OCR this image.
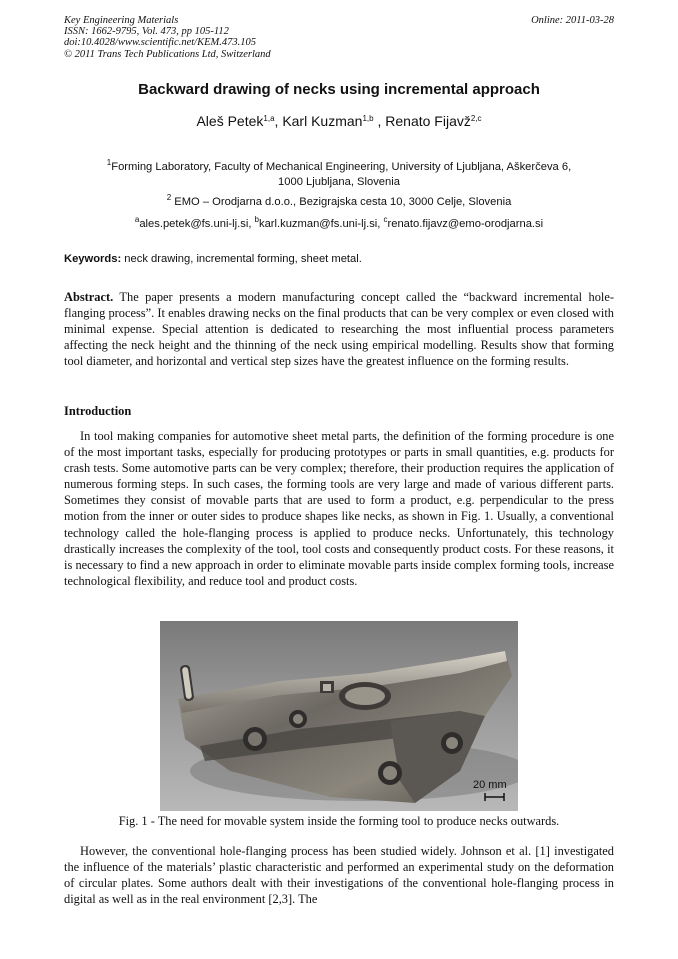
Key Engineering Materials
ISSN: 1662-9795, Vol. 473, pp 105-112
doi:10.4028/www.scientific.net/KEM.473.105
© 2011 Trans Tech Publications Ltd, Switzerland
Online: 2011-03-28
Backward drawing of necks using incremental approach
Aleš Petek$^{1,a}$, Karl Kuzman$^{1,b}$ , Renato Fijavž$^{2,c}$
$^1$Forming Laboratory, Faculty of Mechanical Engineering, University of Ljubljana, Aškerčeva 6,
1000 Ljubljana, Slovenia
$^2$ EMO – Orodjarna d.o.o., Bezigrajska cesta 10, 3000 Celje, Slovenia
$^a$ales.petek@fs.uni-lj.si, $^b$karl.kuzman@fs.uni-lj.si, $^c$renato.fijavz@emo-orodjarna.si
Keywords: neck drawing, incremental forming, sheet metal.
Abstract. The paper presents a modern manufacturing concept called the “backward incremental hole-flanging process”. It enables drawing necks on the final products that can be very complex or even closed with minimal expense. Special attention is dedicated to researching the most influential process parameters affecting the neck height and the thinning of the neck using empirical modelling. Results show that forming tool diameter, and horizontal and vertical step sizes have the greatest influence on the forming results.
Introduction
In tool making companies for automotive sheet metal parts, the definition of the forming procedure is one of the most important tasks, especially for producing prototypes or parts in small quantities, e.g. products for crash tests. Some automotive parts can be very complex; therefore, their production requires the application of numerous forming steps. In such cases, the forming tools are very large and made of various different parts. Sometimes they consist of movable parts that are used to form a product, e.g. perpendicular to the press motion from the inner or outer sides to produce shapes like necks, as shown in Fig. 1. Usually, a conventional technology called the hole-flanging process is applied to produce necks. Unfortunately, this technology drastically increases the complexity of the tool, tool costs and consequently product costs. For these reasons, it is necessary to find a new approach in order to eliminate movable parts inside complex forming tools, increase technological flexibility, and reduce tool and product costs.
20 mm
Fig. 1 - The need for movable system inside the forming tool to produce necks outwards.
However, the conventional hole-flanging process has been studied widely. Johnson et al. [1] investigated the influence of the materials’ plastic characteristic and performed an experimental study on the deformation of circular plates. Some authors dealt with their investigations of the conventional hole-flanging process in digital as well as in the real environment [2,3]. The
